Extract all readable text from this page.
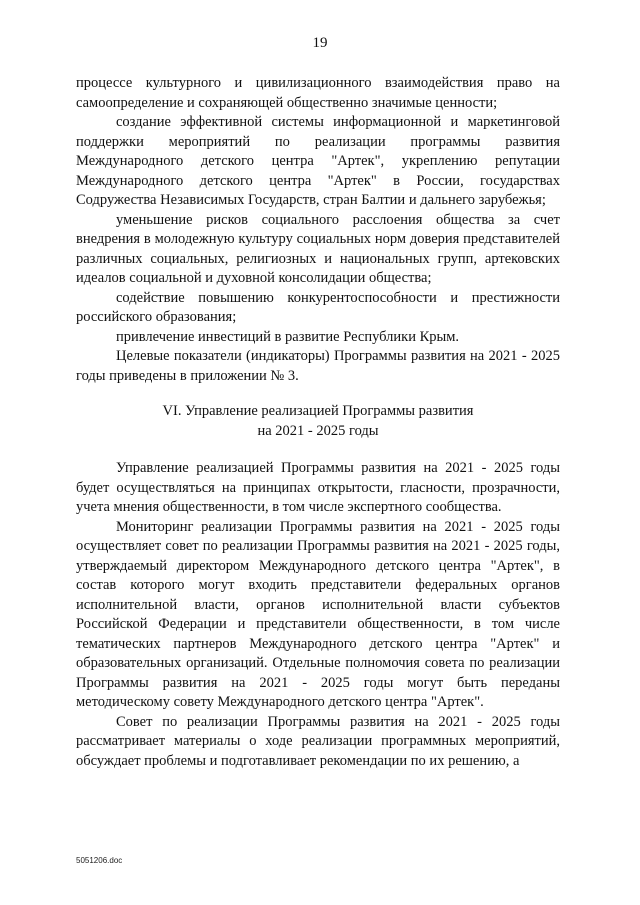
19

процессе культурного и цивилизационного взаимодействия право на самоопределение и сохраняющей общественно значимые ценности;

создание эффективной системы информационной и маркетинговой поддержки мероприятий по реализации программы развития Международного детского центра "Артек", укреплению репутации Международного детского центра "Артек" в России, государствах Содружества Независимых Государств, стран Балтии и дальнего зарубежья;

уменьшение рисков социального расслоения общества за счет внедрения в молодежную культуру социальных норм доверия представителей различных социальных, религиозных и национальных групп, артековских идеалов социальной и духовной консолидации общества;

содействие повышению конкурентоспособности и престижности российского образования;

привлечение инвестиций в развитие Республики Крым.

Целевые показатели (индикаторы) Программы развития на 2021 - 2025 годы приведены в приложении № 3.

VI. Управление реализацией Программы развития
на 2021 - 2025 годы

Управление реализацией Программы развития на 2021 - 2025 годы будет осуществляться на принципах открытости, гласности, прозрачности, учета мнения общественности, в том числе экспертного сообщества.

Мониторинг реализации Программы развития на 2021 - 2025 годы осуществляет совет по реализации Программы развития на 2021 - 2025 годы, утверждаемый директором Международного детского центра "Артек", в состав которого могут входить представители федеральных органов исполнительной власти, органов исполнительной власти субъектов Российской Федерации и представители общественности, в том числе тематических партнеров Международного детского центра "Артек" и образовательных организаций. Отдельные полномочия совета по реализации Программы развития на 2021 - 2025 годы могут быть переданы методическому совету Международного детского центра "Артек".

Совет по реализации Программы развития на 2021 - 2025 годы рассматривает материалы о ходе реализации программных мероприятий, обсуждает проблемы и подготавливает рекомендации по их решению, а

5051206.doc
